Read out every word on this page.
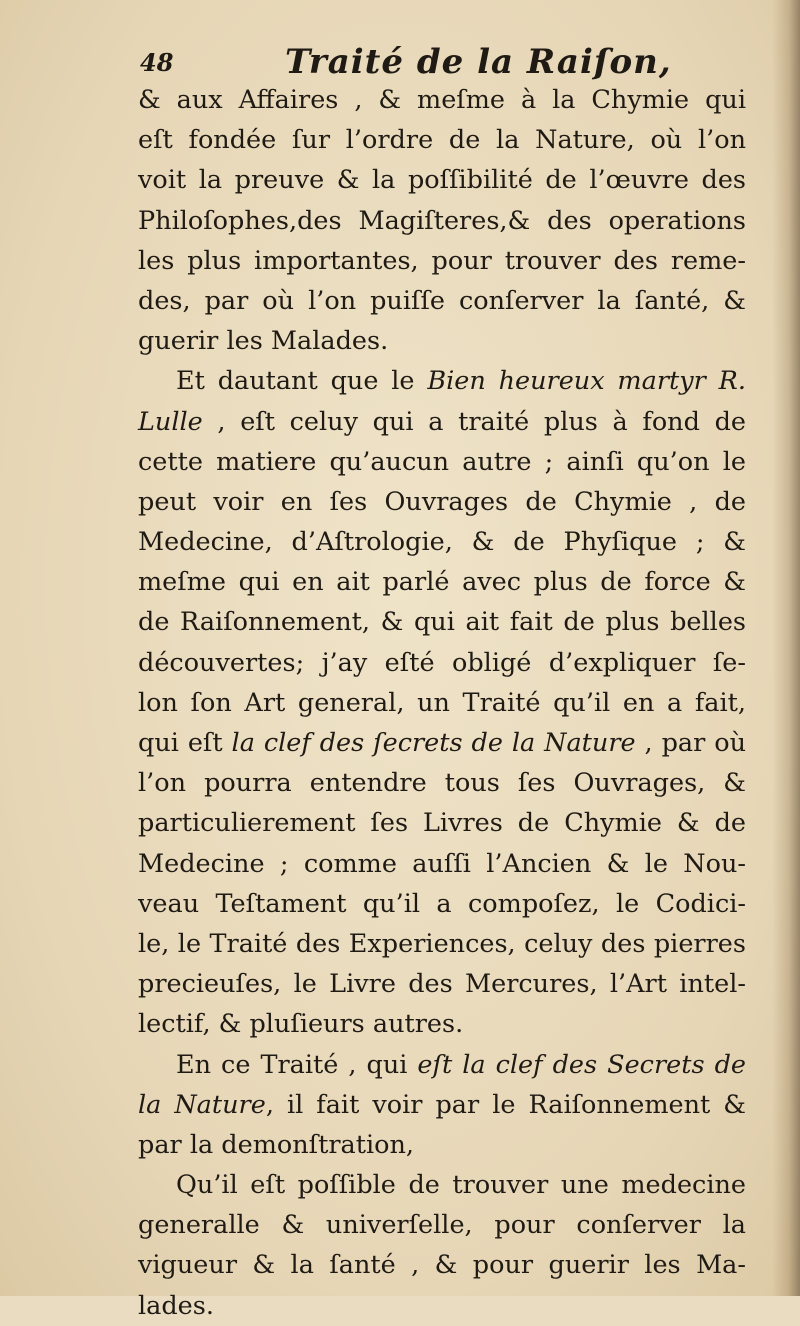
48	Traité de la Raiſon,
& aux Affaires , & meſme à la Chymie qui
eſt fondée ſur l’ordre de la Nature, où l’on
voit la preuve & la poſſibilité de l’œuvre des
Philoſophes,des Magiſteres,& des operations
les plus importantes, pour trouver des reme-
des, par où l’on puiſſe conſerver la ſanté, &
guerir les Malades.
Et dautant que le Bien heureux martyr R.
Lulle , eſt celuy qui a traité plus à fond de
cette matiere qu’aucun autre ; ainſi qu’on le
peut voir en ſes Ouvrages de Chymie , de
Medecine, d’Aſtrologie, & de Phyſique ; &
meſme qui en ait parlé avec plus de force &
de Raiſonnement, & qui ait fait de plus belles
découvertes; j’ay eſté obligé d’expliquer ſe-
lon ſon Art general, un Traité qu’il en a fait,
qui eſt la clef des ſecrets de la Nature , par où
l’on pourra entendre tous ſes Ouvrages, &
particulierement ſes Livres de Chymie & de
Medecine ; comme auſſi l’Ancien & le Nou-
veau Teſtament qu’il a compoſez, le Codici-
le, le Traité des Experiences, celuy des pierres
precieuſes, le Livre des Mercures, l’Art intel-
lectif, & pluſieurs autres.
En ce Traité , qui eſt la clef des Secrets de
la Nature, il fait voir par le Raiſonnement &
par la demonſtration,
Qu’il eſt poſſible de trouver une medecine
generalle & univerſelle, pour conſerver la
vigueur & la ſanté , & pour guerir les Ma-
lades.
